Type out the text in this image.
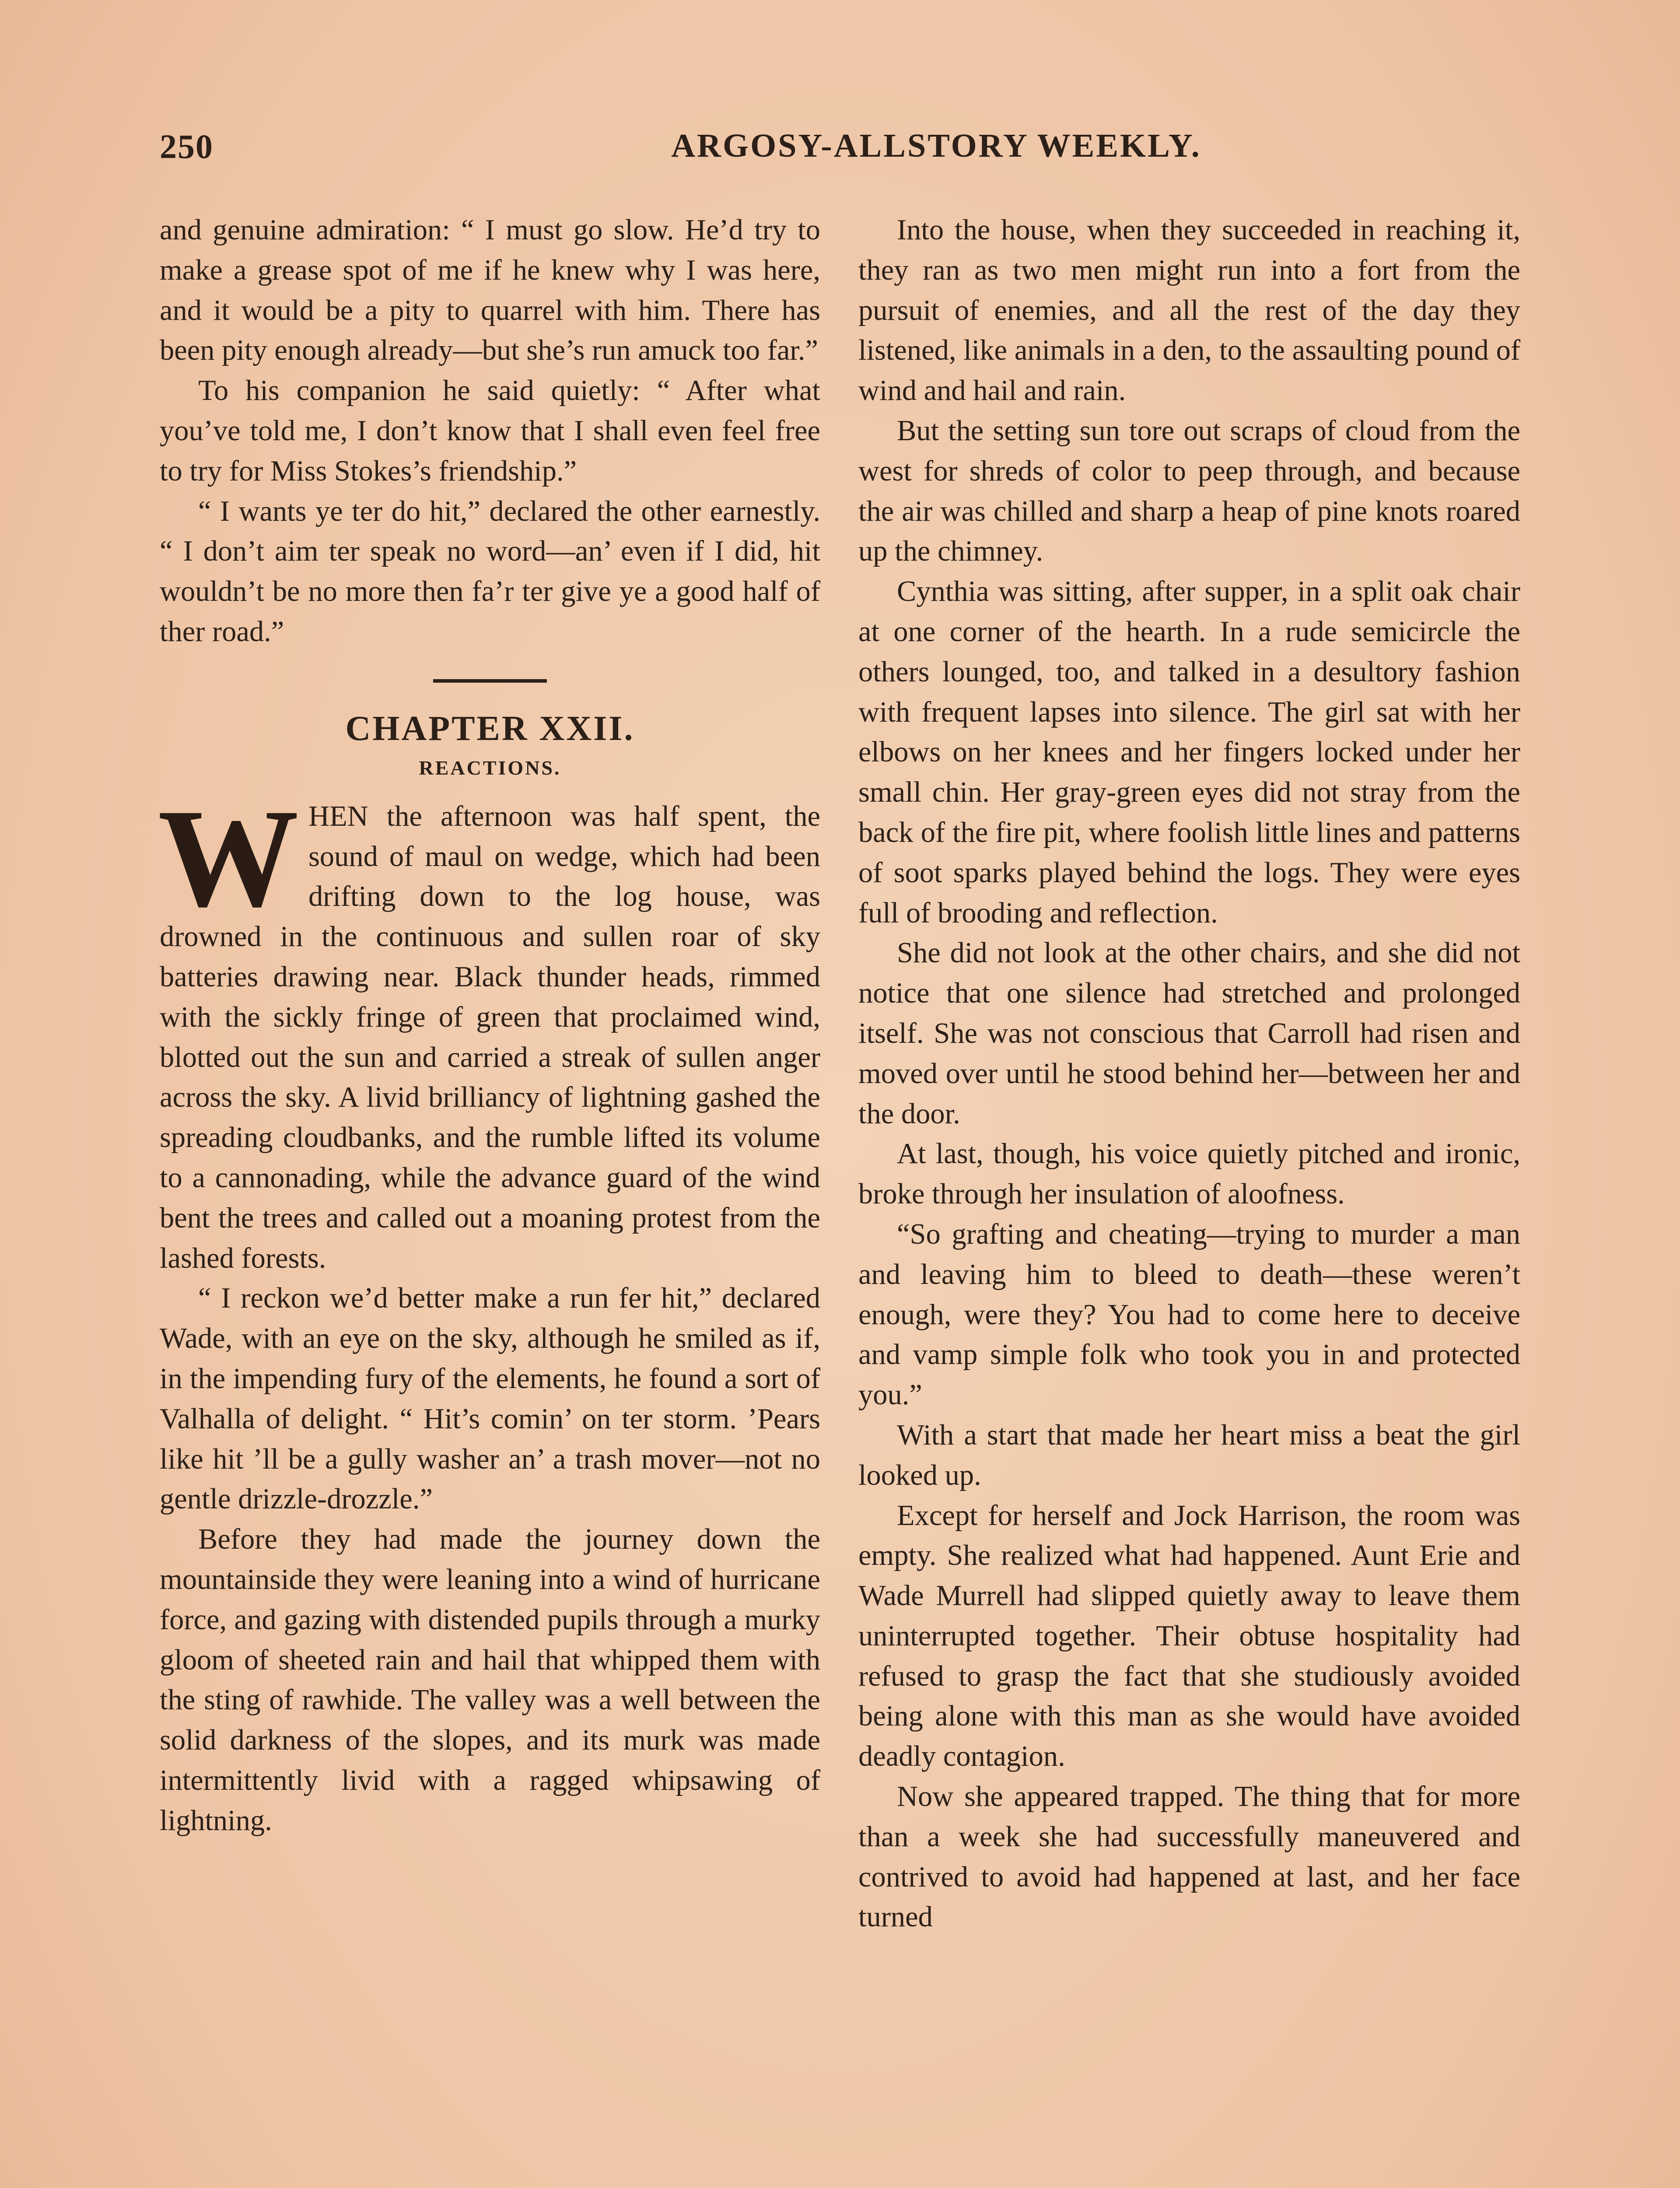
250	ARGOSY-ALLSTORY WEEKLY.

and genuine admiration: “ I must go slow. He’d try to make a grease spot of me if he knew why I was here, and it would be a pity to quarrel with him. There has been pity enough already—but she’s run amuck too far.”

To his companion he said quietly: “ After what you’ve told me, I don’t know that I shall even feel free to try for Miss Stokes’s friendship.”

“ I wants ye ter do hit,” declared the other earnestly. “ I don’t aim ter speak no word—an’ even if I did, hit wouldn’t be no more then fa’r ter give ye a good half of ther road.”

CHAPTER XXII.
REACTIONS.

WHEN the afternoon was half spent, the sound of maul on wedge, which had been drifting down to the log house, was drowned in the continuous and sullen roar of sky batteries drawing near. Black thunder heads, rimmed with the sickly fringe of green that proclaimed wind, blotted out the sun and carried a streak of sullen anger across the sky. A livid brilliancy of lightning gashed the spreading cloudbanks, and the rumble lifted its volume to a cannonading, while the advance guard of the wind bent the trees and called out a moaning protest from the lashed forests.

“ I reckon we’d better make a run fer hit,” declared Wade, with an eye on the sky, although he smiled as if, in the impending fury of the elements, he found a sort of Valhalla of delight. “ Hit’s comin’ on ter storm. ’Pears like hit ’ll be a gully washer an’ a trash mover—not no gentle drizzle-drozzle.”

Before they had made the journey down the mountainside they were leaning into a wind of hurricane force, and gazing with distended pupils through a murky gloom of sheeted rain and hail that whipped them with the sting of rawhide. The valley was a well between the solid darkness of the slopes, and its murk was made intermittently livid with a ragged whipsawing of lightning.

Into the house, when they succeeded in reaching it, they ran as two men might run into a fort from the pursuit of enemies, and all the rest of the day they listened, like animals in a den, to the assaulting pound of wind and hail and rain.

But the setting sun tore out scraps of cloud from the west for shreds of color to peep through, and because the air was chilled and sharp a heap of pine knots roared up the chimney.

Cynthia was sitting, after supper, in a split oak chair at one corner of the hearth. In a rude semicircle the others lounged, too, and talked in a desultory fashion with frequent lapses into silence. The girl sat with her elbows on her knees and her fingers locked under her small chin. Her gray-green eyes did not stray from the back of the fire pit, where foolish little lines and patterns of soot sparks played behind the logs. They were eyes full of brooding and reflection.

She did not look at the other chairs, and she did not notice that one silence had stretched and prolonged itself. She was not conscious that Carroll had risen and moved over until he stood behind her—between her and the door.

At last, though, his voice quietly pitched and ironic, broke through her insulation of aloofness.

“So grafting and cheating—trying to murder a man and leaving him to bleed to death—these weren’t enough, were they? You had to come here to deceive and vamp simple folk who took you in and protected you.”

With a start that made her heart miss a beat the girl looked up.

Except for herself and Jock Harrison, the room was empty. She realized what had happened. Aunt Erie and Wade Murrell had slipped quietly away to leave them uninterrupted together. Their obtuse hospitality had refused to grasp the fact that she studiously avoided being alone with this man as she would have avoided deadly contagion.

Now she appeared trapped. The thing that for more than a week she had successfully maneuvered and contrived to avoid had happened at last, and her face turned
